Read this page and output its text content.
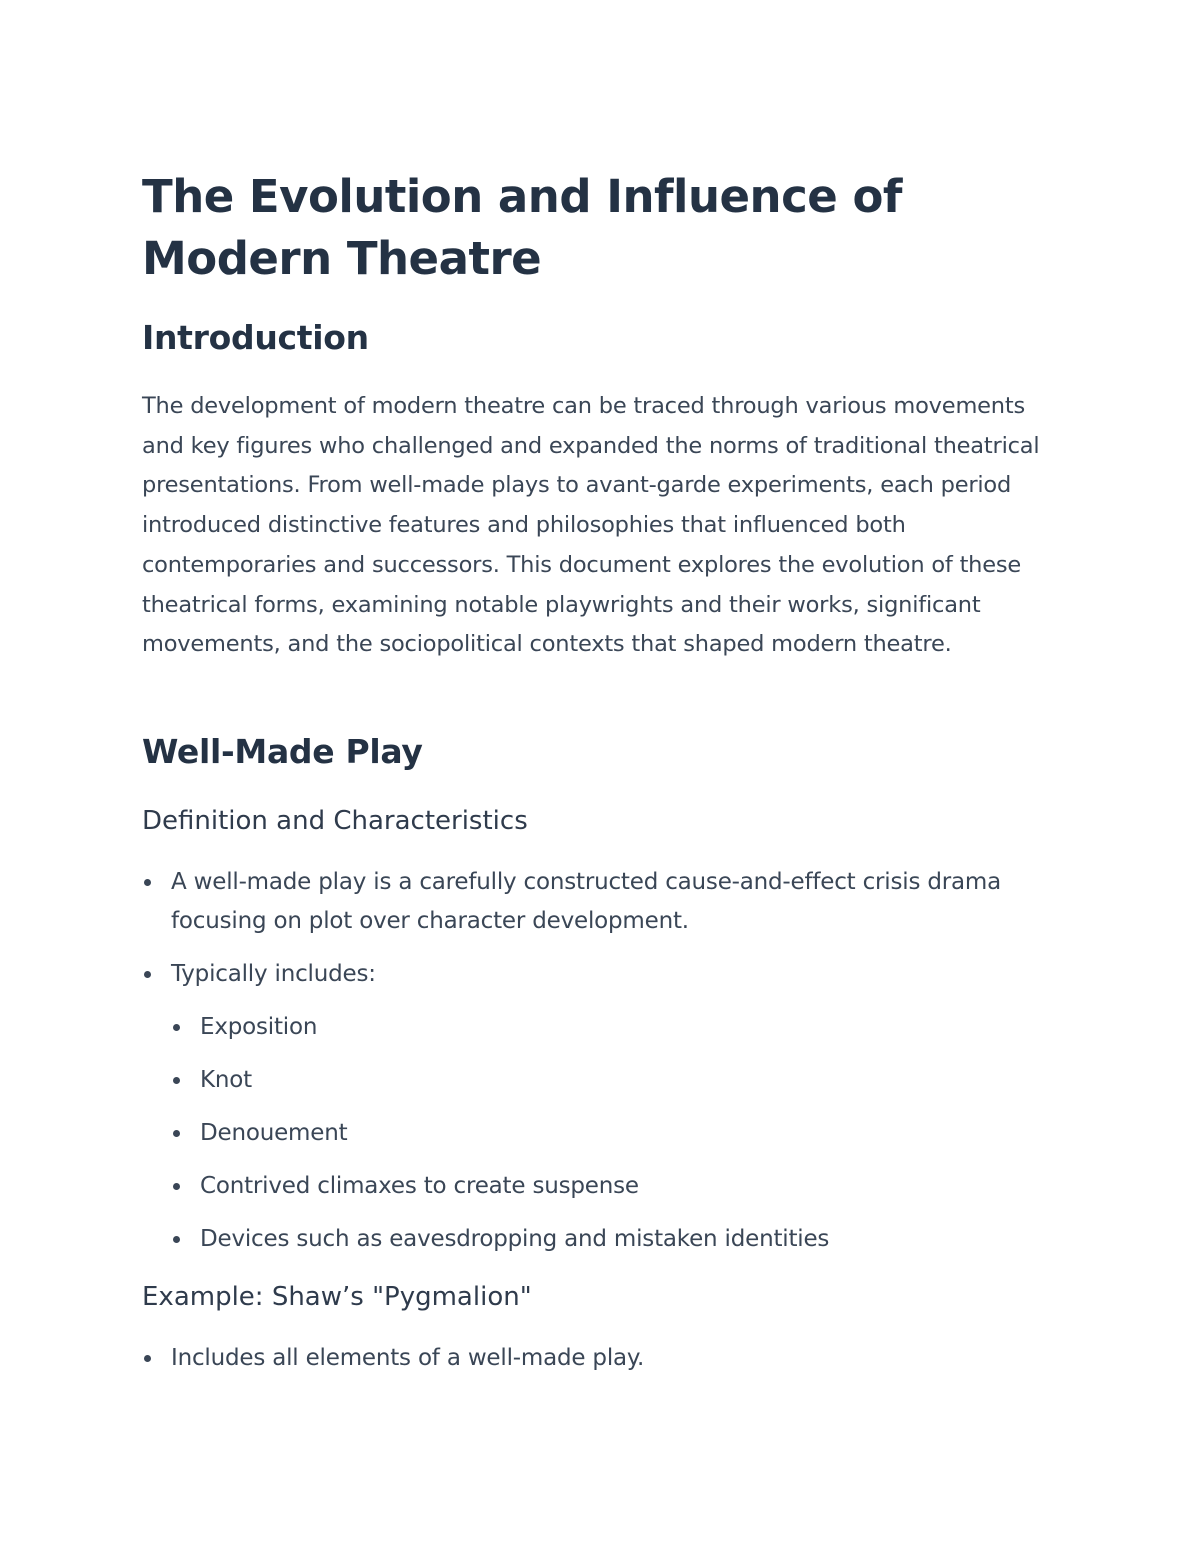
The Evolution and Influence of Modern Theatre
Introduction

The development of modern theatre can be traced through various movements and key figures who challenged and expanded the norms of traditional theatrical presentations. From well-made plays to avant-garde experiments, each period introduced distinctive features and philosophies that influenced both contemporaries and successors. This document explores the evolution of these theatrical forms, examining notable playwrights and their works, significant movements, and the sociopolitical contexts that shaped modern theatre.

Well-Made Play
Definition and Characteristics
A well-made play is a carefully constructed cause-and-effect crisis drama focusing on plot over character development.
Typically includes:
Exposition
Knot
Denouement
Contrived climaxes to create suspense
Devices such as eavesdropping and mistaken identities
Example: Shaw’s "Pygmalion"
Includes all elements of a well-made play.
